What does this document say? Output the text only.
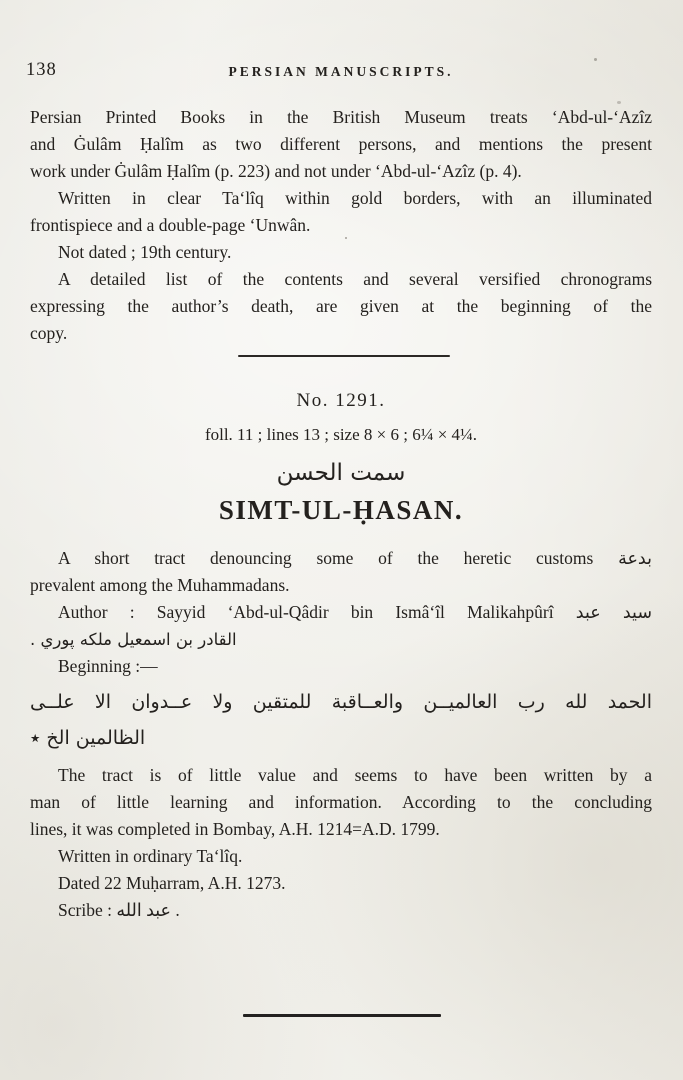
138	PERSIAN MANUSCRIPTS.
Persian Printed Books in the British Museum treats ‘Abd-ul-‘Azîz
and Ġulâm Ḥalîm as two different persons, and mentions the present
work under Ġulâm Ḥalîm (p. 223) and not under ‘Abd-ul-‘Azîz (p. 4).
Written in clear Ta‘lîq within gold borders, with an illuminated
frontispiece and a double-page ‘Unwân.
Not dated ; 19th century.
A detailed list of the contents and several versified chronograms
expressing the author’s death, are given at the beginning of the
copy.
No. 1291.
foll. 11 ; lines 13 ; size 8 × 6 ; 6¼ × 4¼.
سمت الحسن
SIMT-UL-ḤASAN.
A short tract denouncing some of the heretic customs بدعة
prevalent among the Muhammadans.
Author : Sayyid ‘Abd-ul-Qâdir bin Ismâ‘îl Malikahpûrî سيد عبد
القادر بن اسمعيل ملكه پوري .
Beginning :—
الحمد لله رب العالميــن والعــاقبة للمتقين ولا عــدوان الا علــى
الظالمين الخ ٭
The tract is of little value and seems to have been written by a
man of little learning and information. According to the concluding
lines, it was completed in Bombay, A.H. 1214=A.D. 1799.
Written in ordinary Ta‘lîq.
Dated 22 Muḥarram, A.H. 1273.
Scribe : عبد الله .
